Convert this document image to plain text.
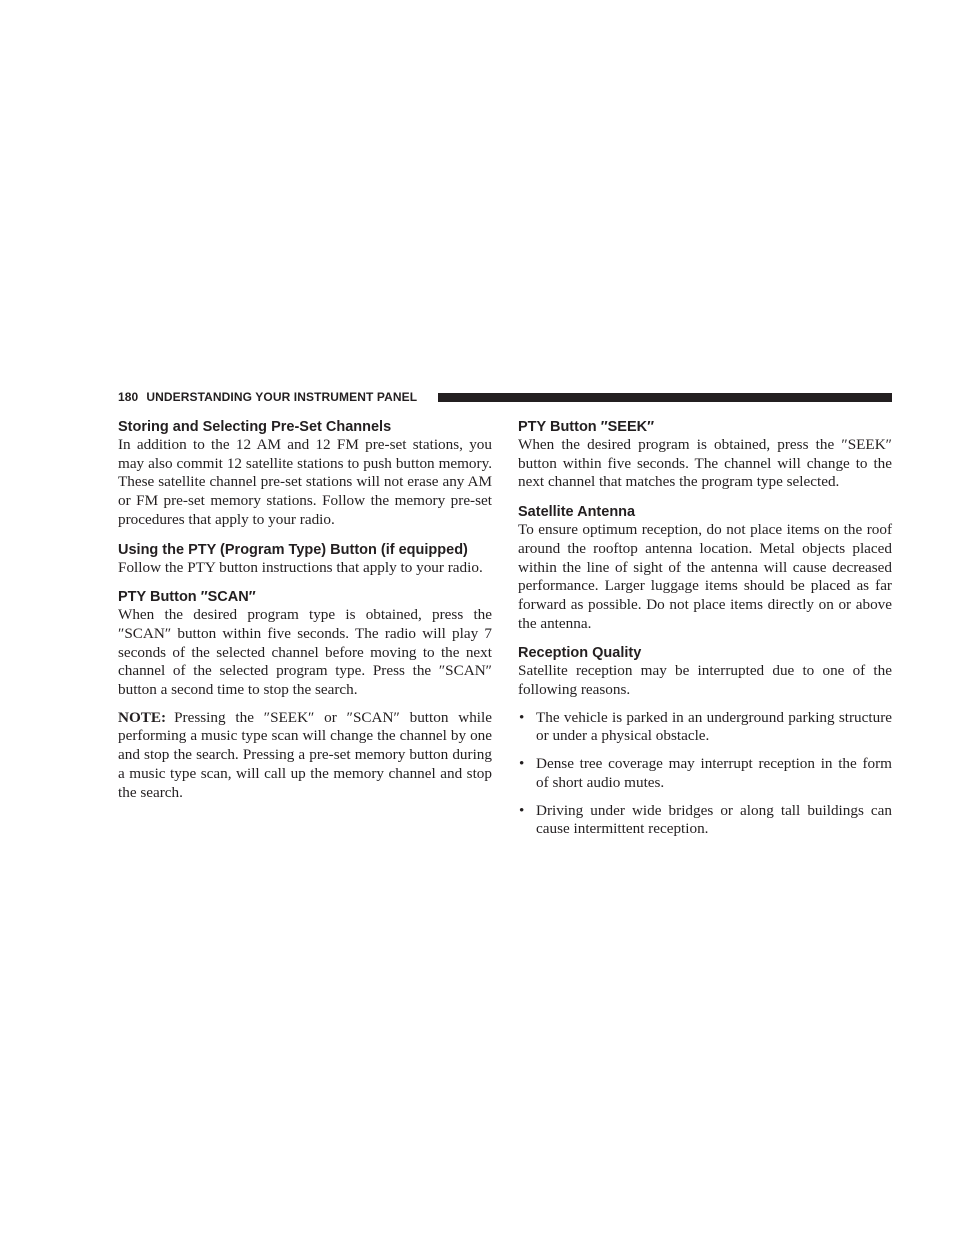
180 UNDERSTANDING YOUR INSTRUMENT PANEL
Storing and Selecting Pre-Set Channels

In addition to the 12 AM and 12 FM pre-set stations, you may also commit 12 satellite stations to push button memory. These satellite channel pre-set stations will not erase any AM or FM pre-set memory stations. Follow the memory pre-set procedures that apply to your radio.

Using the PTY (Program Type) Button (if equipped)

Follow the PTY button instructions that apply to your radio.

PTY Button ″SCAN″

When the desired program type is obtained, press the ″SCAN″ button within five seconds. The radio will play 7 seconds of the selected channel before moving to the next channel of the selected program type. Press the ″SCAN″ button a second time to stop the search.

NOTE: Pressing the ″SEEK″ or ″SCAN″ button while performing a music type scan will change the channel by one and stop the search. Pressing a pre-set memory button during a music type scan, will call up the memory channel and stop the search.

PTY Button ″SEEK″

When the desired program is obtained, press the ″SEEK″ button within five seconds. The channel will change to the next channel that matches the program type selected.

Satellite Antenna

To ensure optimum reception, do not place items on the roof around the rooftop antenna location. Metal objects placed within the line of sight of the antenna will cause decreased performance. Larger luggage items should be placed as far forward as possible. Do not place items directly on or above the antenna.

Reception Quality

Satellite reception may be interrupted due to one of the following reasons.

• The vehicle is parked in an underground parking structure or under a physical obstacle.
• Dense tree coverage may interrupt reception in the form of short audio mutes.
• Driving under wide bridges or along tall buildings can cause intermittent reception.
